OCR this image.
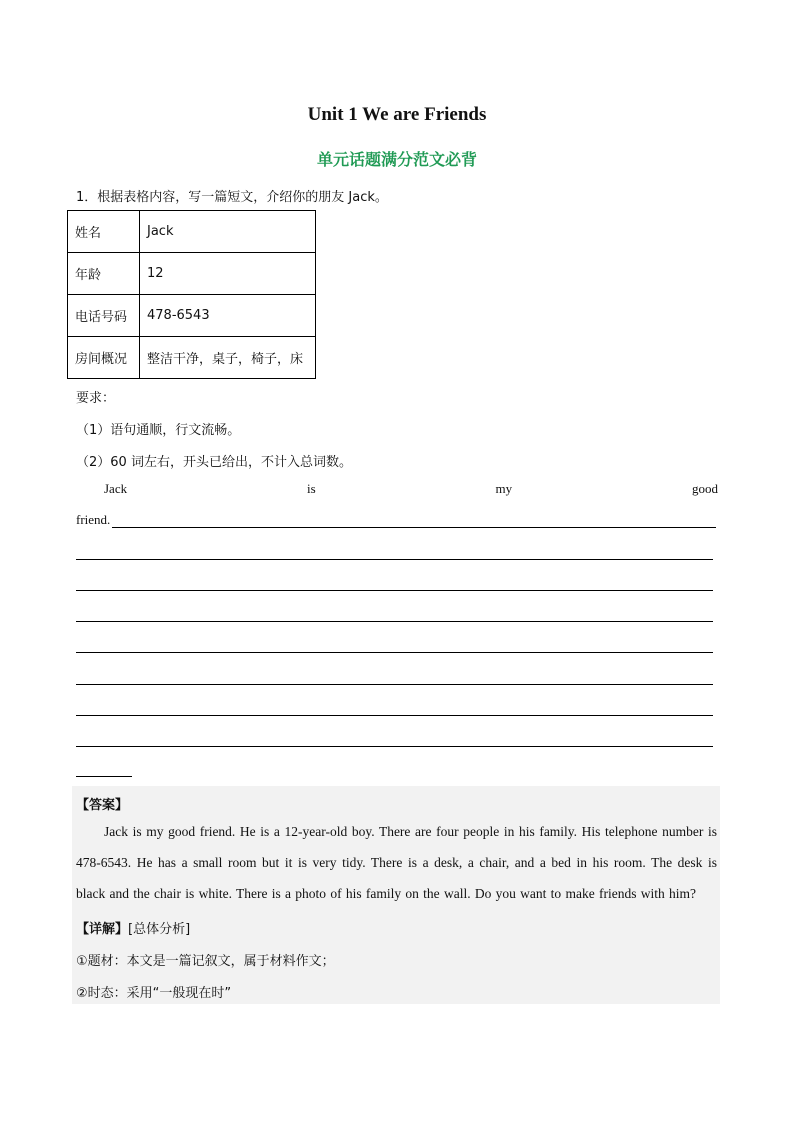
Unit 1 We are Friends
单元话题满分范文必背
1．根据表格内容，写一篇短文，介绍你的朋友 Jack。
姓名	Jack
年龄	12
电话号码	478-6543
房间概况	整洁干净，桌子，椅子，床
要求：
（1）语句通顺，行文流畅。
（2）60 词左右，开头已给出，不计入总词数。
Jack	is	my	good
friend.
【答案】
Jack is my good friend. He is a 12-year-old boy. There are four people in his family. His telephone number is
478-6543. He has a small room but it is very tidy. There is a desk, a chair, and a bed in his room. The desk is
black and the chair is white. There is a photo of his family on the wall. Do you want to make friends with him?
【详解】[总体分析]
①题材：本文是一篇记叙文，属于材料作文；
②时态：采用“一般现在时”
